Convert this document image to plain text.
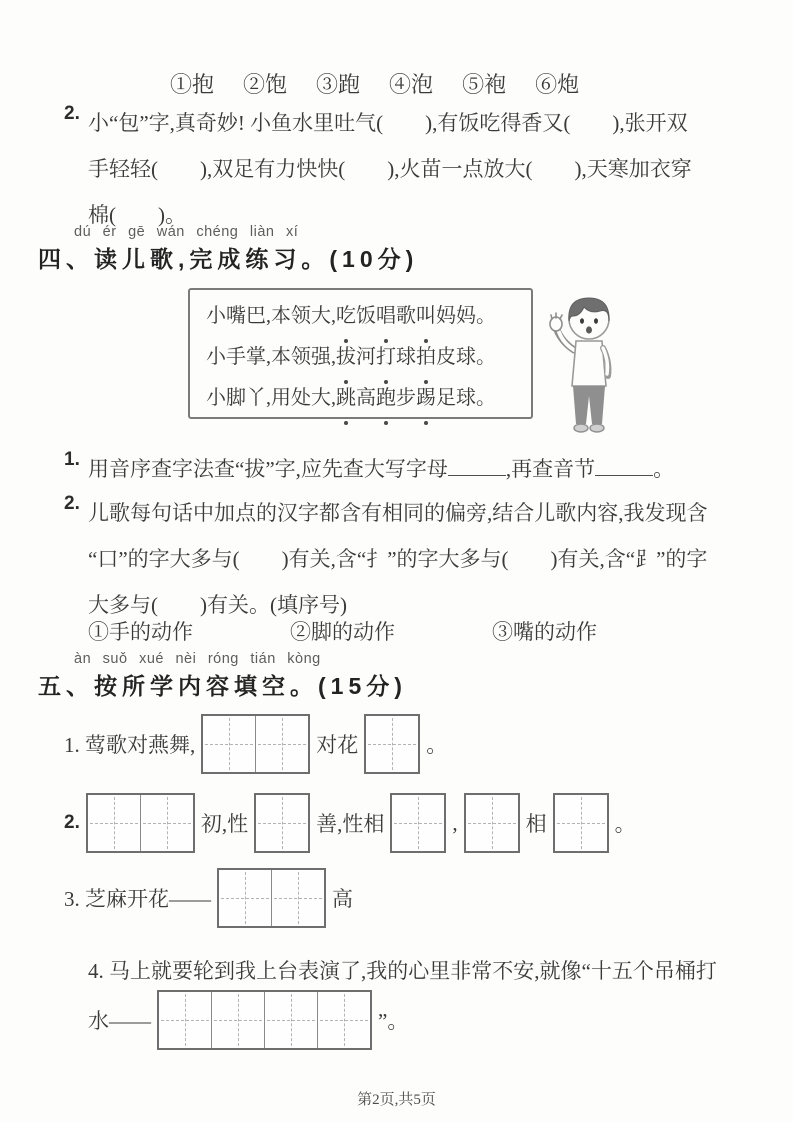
①抱 ②饱 ③跑 ④泡 ⑤袍 ⑥炮
2. 小“包”字,真奇妙! 小鱼水里吐气(　　),有饭吃得香又(　　),张开双
手轻轻(　　),双足有力快快(　　),火苗一点放大(　　),天寒加衣穿
棉(　　)。
dú ér gē wán chéng liàn xí
四、读儿歌,完成练习。(10分)
小嘴巴,本领大,吃饭唱歌叫妈妈。
小手掌,本领强,拔河打球拍皮球。
小脚丫,用处大,跳高跑步踢足球。
1. 用音序查字法查“拔”字,应先查大写字母	,再查音节	。
2. 儿歌每句话中加点的汉字都含有相同的偏旁,结合儿歌内容,我发现含
“口”的字大多与(　　)有关,含“扌”的字大多与(　　)有关,含“⻊”的字
大多与(　　)有关。(填序号)
①手的动作	②脚的动作	③嘴的动作
àn suǒ xué nèi róng tián kòng
五、按所学内容填空。(15分)
1. 莺歌对燕舞,	对花	。
2.	初,性	善,性相	,	相	。
3. 芝麻开花——	高
4. 马上就要轮到我上台表演了,我的心里非常不安,就像“十五个吊桶打
水——	”。
第2页,共5页
